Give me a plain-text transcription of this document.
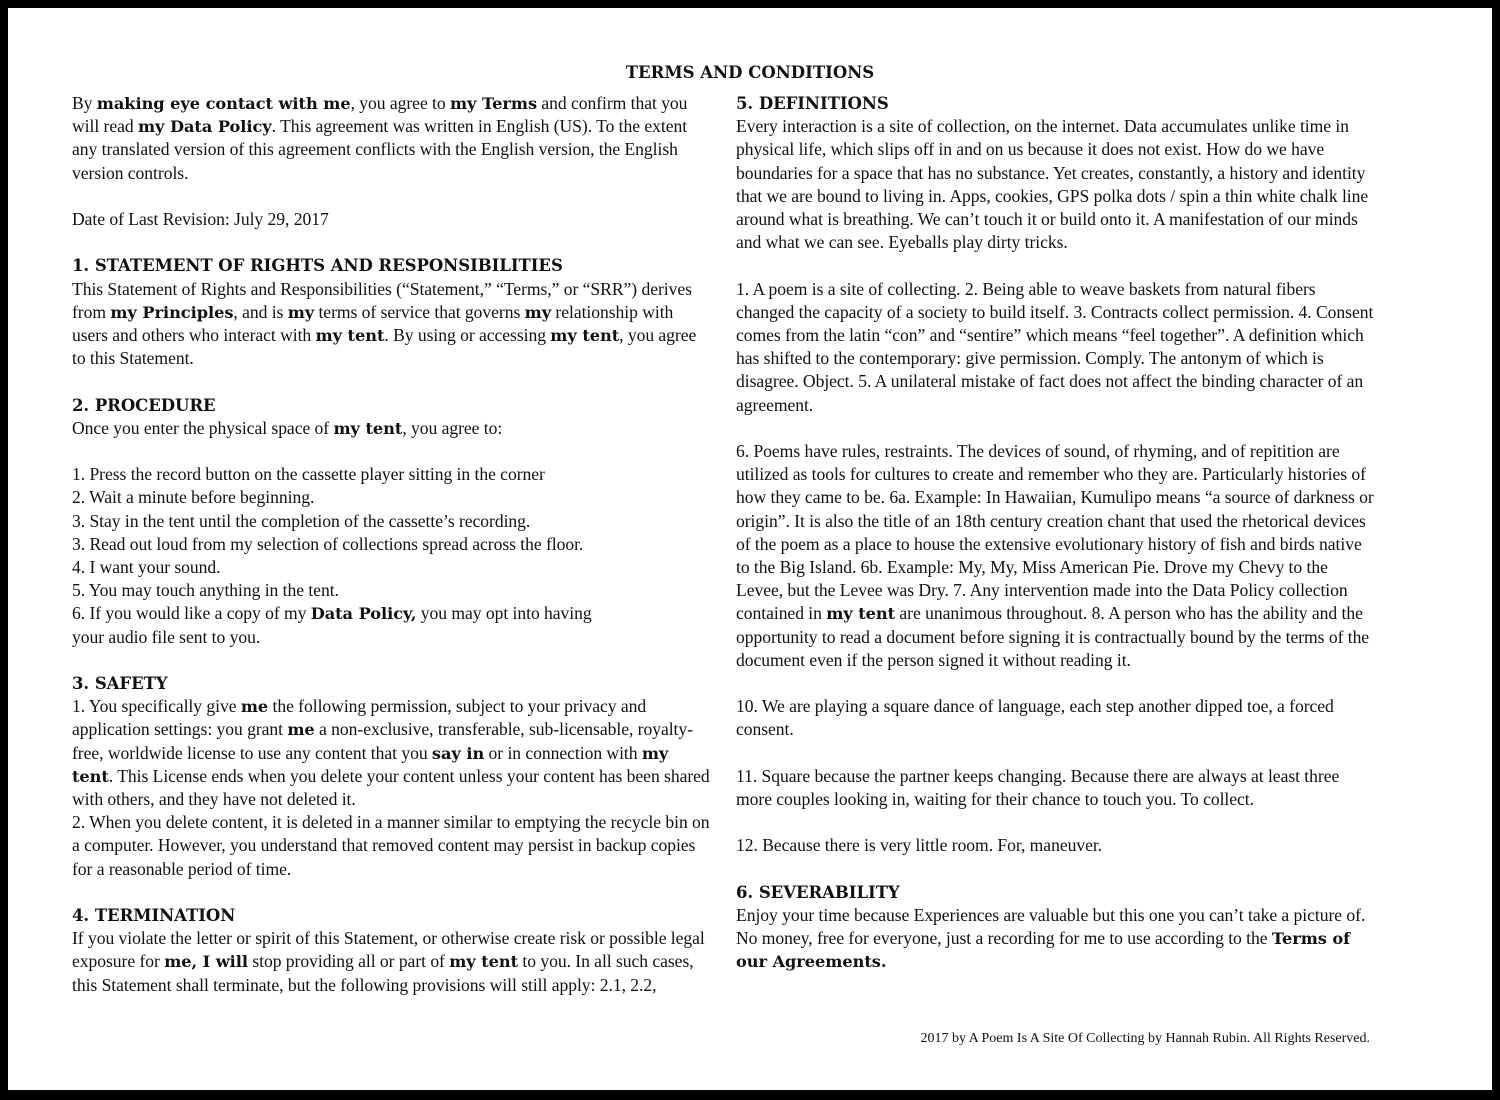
TERMS AND CONDITIONS

By making eye contact with me, you agree to my Terms and confirm that you will read my Data Policy. This agreement was written in English (US). To the extent any translated version of this agreement conflicts with the English version, the English version controls.

Date of Last Revision: July 29, 2017

1. STATEMENT OF RIGHTS AND RESPONSIBILITIES

This Statement of Rights and Responsibilities (“Statement,” “Terms,” or “SRR”) derives from my Principles, and is my terms of service that governs my relationship with users and others who interact with my tent. By using or accessing my tent, you agree to this Statement.

2. PROCEDURE

Once you enter the physical space of my tent, you agree to:

1. Press the record button on the cassette player sitting in the corner

2. Wait a minute before beginning.

3. Stay in the tent until the completion of the cassette’s recording.

3. Read out loud from my selection of collections spread across the floor.

4. I want your sound.

5. You may touch anything in the tent.

6. If you would like a copy of my Data Policy, you may opt into having
your audio file sent to you.

3. SAFETY

1. You specifically give me the following permission, subject to your privacy and application settings: you grant me a non-exclusive, transferable, sub-licensable, royalty-free, worldwide license to use any content that you say in or in connection with my tent. This License ends when you delete your content unless your content has been shared with others, and they have not deleted it.

2. When you delete content, it is deleted in a manner similar to emptying the recycle bin on a computer. However, you understand that removed content may persist in backup copies for a reasonable period of time.

4. TERMINATION

If you violate the letter or spirit of this Statement, or otherwise create risk or possible legal exposure for me, I will stop providing all or part of my tent to you. In all such cases, this Statement shall terminate, but the following provisions will still apply: 2.1, 2.2,

5. DEFINITIONS

Every interaction is a site of collection, on the internet. Data accumulates unlike time in physical life, which slips off in and on us because it does not exist. How do we have boundaries for a space that has no substance. Yet creates, constantly, a history and identity that we are bound to living in. Apps, cookies, GPS polka dots / spin a thin white chalk line around what is breathing. We can’t touch it or build onto it. A manifestation of our minds and what we can see. Eyeballs play dirty tricks.

1. A poem is a site of collecting. 2. Being able to weave baskets from natural fibers changed the capacity of a society to build itself. 3. Contracts collect permission. 4. Consent comes from the latin “con” and “sentire” which means “feel together”. A definition which has shifted to the contemporary: give permission. Comply. The antonym of which is disagree. Object. 5. A unilateral mistake of fact does not affect the binding character of an agreement.

6. Poems have rules, restraints. The devices of sound, of rhyming, and of repitition are utilized as tools for cultures to create and remember who they are. Particularly histories of how they came to be. 6a. Example: In Hawaiian, Kumulipo means “a source of darkness or origin”. It is also the title of an 18th century creation chant that used the rhetorical devices of the poem as a place to house the extensive evolutionary history of fish and birds native to the Big Island. 6b. Example: My, My, Miss American Pie. Drove my Chevy to the Levee, but the Levee was Dry. 7. Any intervention made into the Data Policy collection contained in my tent are unanimous throughout. 8. A person who has the ability and the opportunity to read a document before signing it is contractually bound by the terms of the document even if the person signed it without reading it.

10. We are playing a square dance of language, each step another dipped toe, a forced consent.

11. Square because the partner keeps changing. Because there are always at least three more couples looking in, waiting for their chance to touch you. To collect.

12. Because there is very little room. For, maneuver.

6. SEVERABILITY

Enjoy your time because Experiences are valuable but this one you can’t take a picture of. No money, free for everyone, just a recording for me to use according to the Terms of our Agreements.

2017 by A Poem Is A Site Of Collecting by Hannah Rubin. All Rights Reserved.
